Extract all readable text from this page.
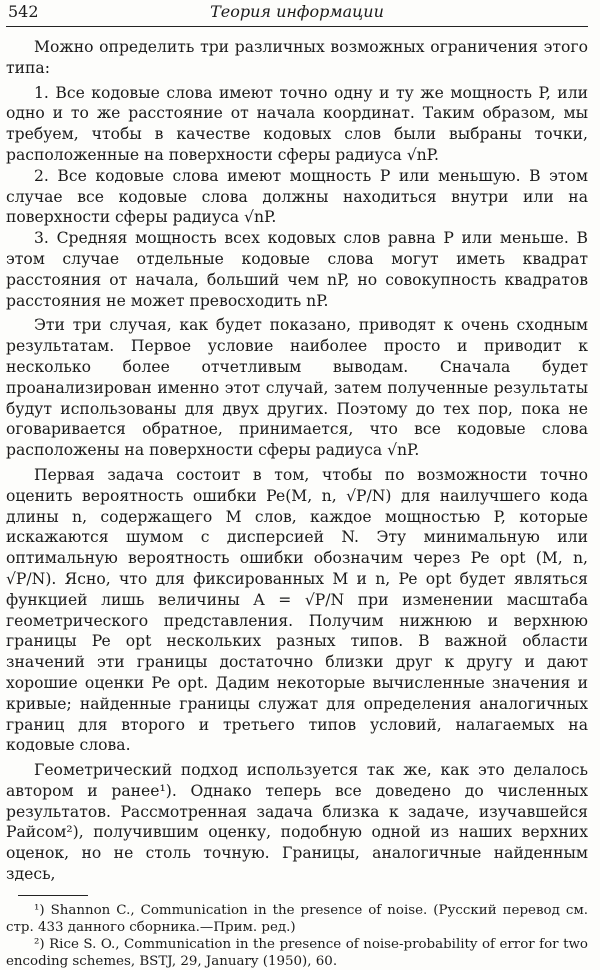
542	Теория информации

Можно определить три различных возможных ограничения этого типа:

1. Все кодовые слова имеют точно одну и ту же мощность P, или одно и то же расстояние от начала координат. Таким образом, мы требуем, чтобы в качестве кодовых слов были выбраны точки, расположенные на поверхности сферы радиуса √nP.

2. Все кодовые слова имеют мощность P или меньшую. В этом случае все кодовые слова должны находиться внутри или на поверхности сферы радиуса √nP.

3. Средняя мощность всех кодовых слов равна P или меньше. В этом случае отдельные кодовые слова могут иметь квадрат расстояния от начала, больший чем nP, но совокупность квадратов расстояния не может превосходить nP.

Эти три случая, как будет показано, приводят к очень сходным результатам. Первое условие наиболее просто и приводит к несколько более отчетливым выводам. Сначала будет проанализирован именно этот случай, затем полученные результаты будут использованы для двух других. Поэтому до тех пор, пока не оговаривается обратное, принимается, что все кодовые слова расположены на поверхности сферы радиуса √nP.

Первая задача состоит в том, чтобы по возможности точно оценить вероятность ошибки Pe(M, n, √P/N) для наилучшего кода длины n, содержащего M слов, каждое мощностью P, которые искажаются шумом с дисперсией N. Эту минимальную или оптимальную вероятность ошибки обозначим через Pe opt (M, n, √P/N). Ясно, что для фиксированных M и n, Pe opt будет являться функцией лишь величины A = √P/N при изменении масштаба геометрического представления. Получим нижнюю и верхнюю границы Pe opt нескольких разных типов. В важной области значений эти границы достаточно близки друг к другу и дают хорошие оценки Pe opt. Дадим некоторые вычисленные значения и кривые; найденные границы служат для определения аналогичных границ для второго и третьего типов условий, налагаемых на кодовые слова.

Геометрический подход используется так же, как это делалось автором и ранее¹). Однако теперь все доведено до численных результатов. Рассмотренная задача близка к задаче, изучавшейся Райсом²), получившим оценку, подобную одной из наших верхних оценок, но не столь точную. Границы, аналогичные найденным здесь,

¹) Shannon C., Communication in the presence of noise. (Русский перевод см. стр. 433 данного сборника.—Прим. ред.)

²) Rice S. O., Communication in the presence of noise-probability of error for two encoding schemes, BSTJ, 29, January (1950), 60.
